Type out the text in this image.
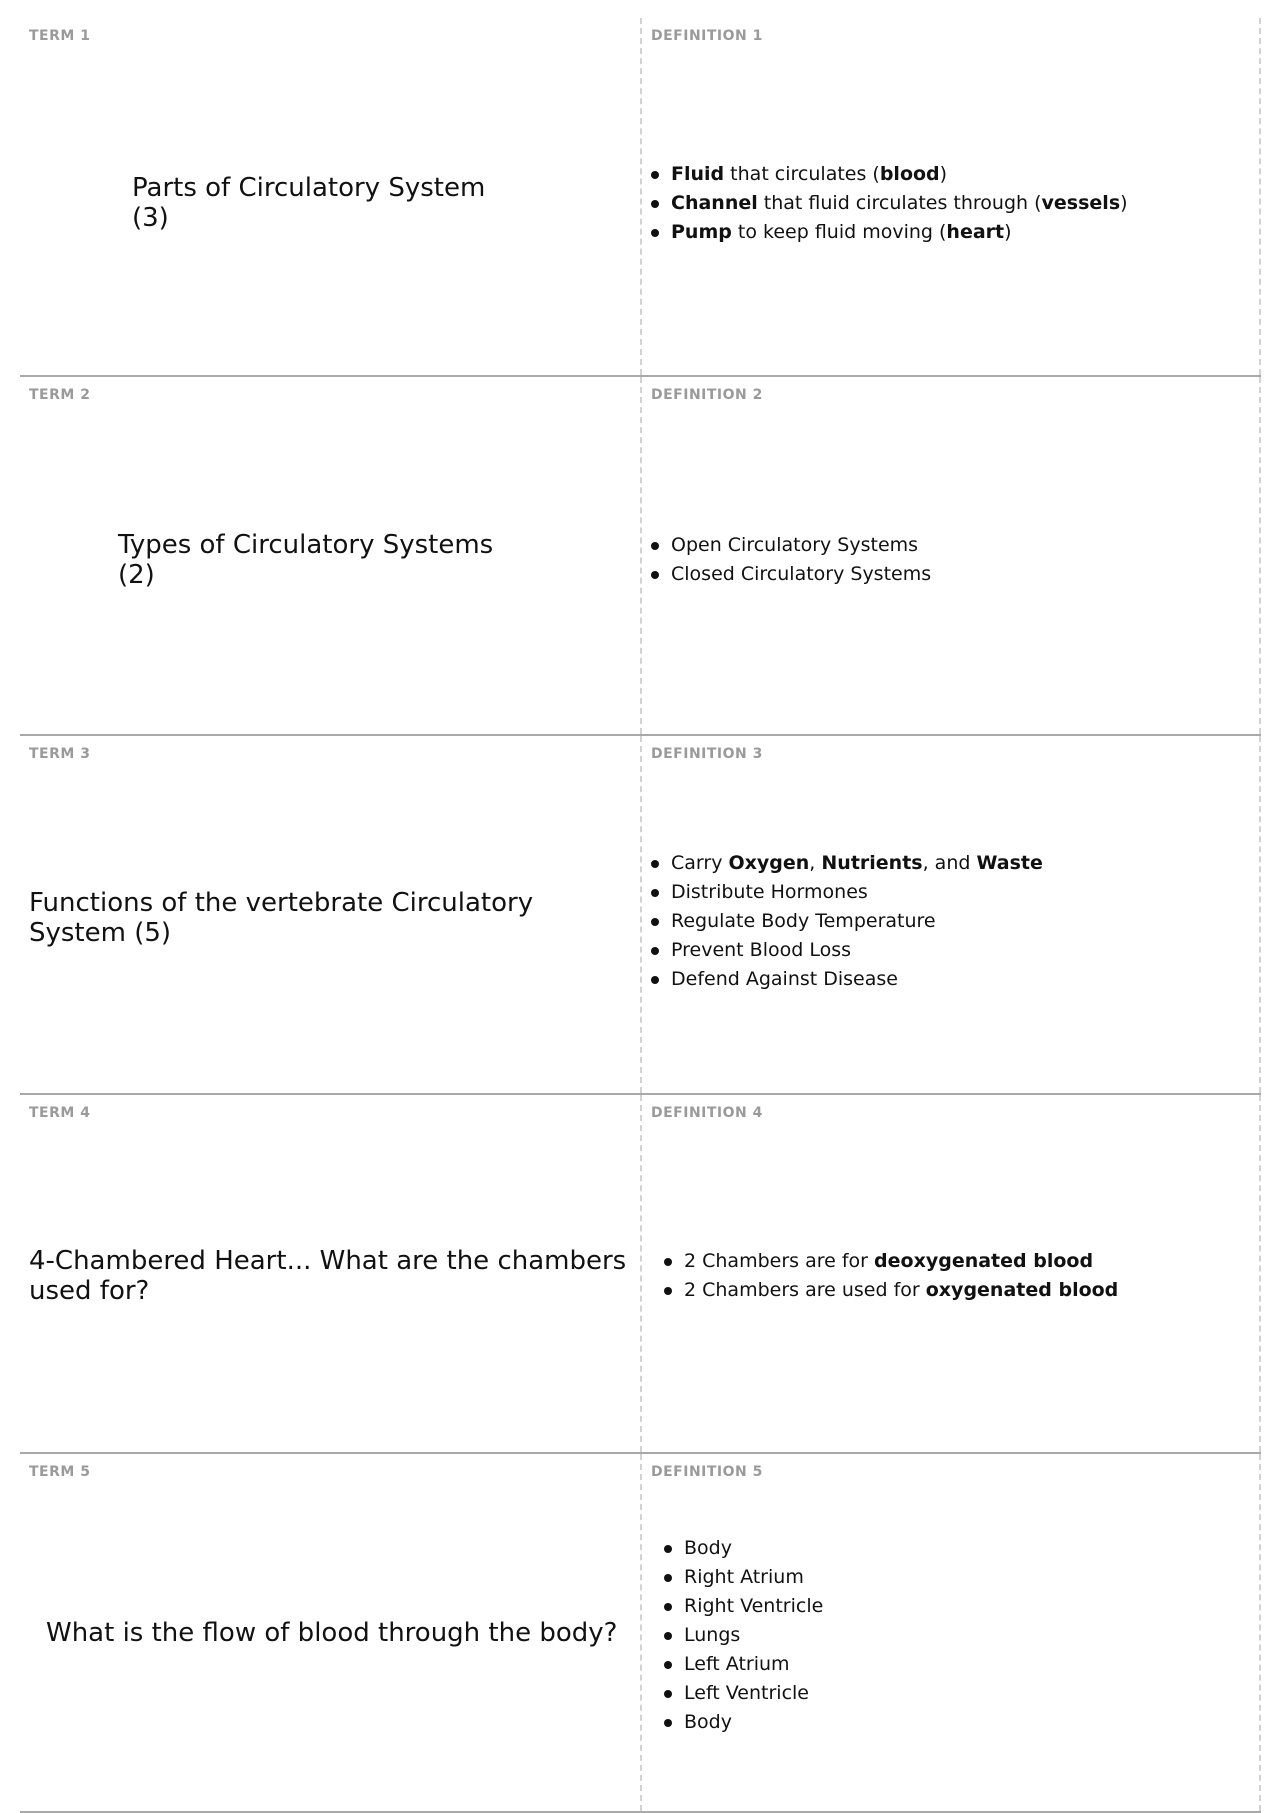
TERM 1
Parts of Circulatory System
(3)
DEFINITION 1
Fluid that circulates (blood)
Channel that fluid circulates through (vessels)
Pump to keep fluid moving (heart)
TERM 2
Types of Circulatory Systems
(2)
DEFINITION 2
Open Circulatory Systems
Closed Circulatory Systems
TERM 3
Functions of the vertebrate Circulatory
System (5)
DEFINITION 3
Carry Oxygen, Nutrients, and Waste
Distribute Hormones
Regulate Body Temperature
Prevent Blood Loss
Defend Against Disease
TERM 4
4-Chambered Heart... What are the chambers
used for?
DEFINITION 4
2 Chambers are for deoxygenated blood
2 Chambers are used for oxygenated blood
TERM 5
What is the flow of blood through the body?
DEFINITION 5
Body
Right Atrium
Right Ventricle
Lungs
Left Atrium
Left Ventricle
Body
